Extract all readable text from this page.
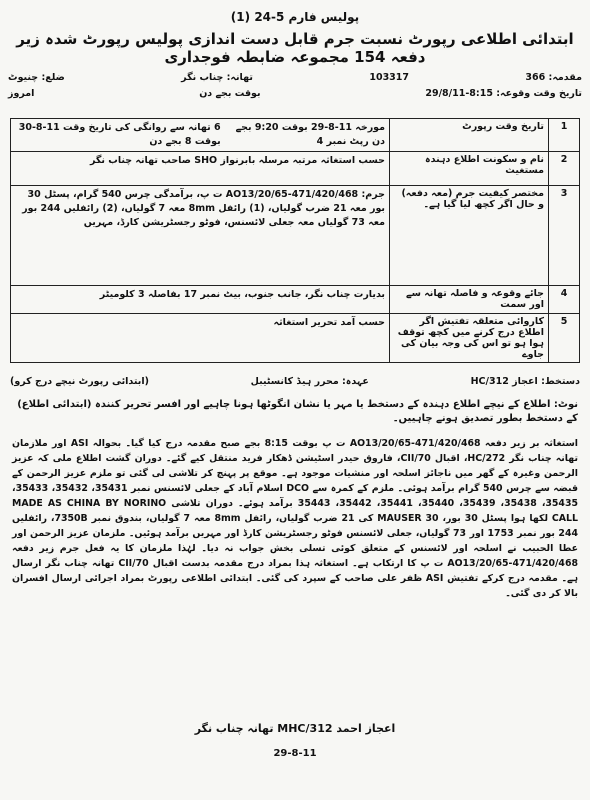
پولیس فارم 5-24 (1)
ابتدائی اطلاعی رپورٹ نسبت جرم قابل دست اندازی پولیس رپورٹ شدہ زیر دفعہ 154 مجموعہ ضابطہ فوجداری
مقدمہ: 366
103317
تھانہ: چناب نگر
ضلع: چنیوٹ
تاریخ وقت وقوعہ: 8:15-29/8/11
بوقت بجے دن
امروز
1	تاریخ وقت رپورٹ	مورخہ 11-8-29 بوقت 9:20 بجے دن رپٹ نمبر 4
6 تھانہ سے روانگی کی تاریخ وقت 11-8-30 بوقت 8 بجے دن

2	نام و سکونت اطلاع دہندہ مستغیث	حسب استغاثہ مرتبہ مرسلہ بابرنواز SHO صاحب تھانہ چناب نگر
3	مختصر کیفیت جرم (معہ دفعہ) و حال اگر کچھ لیا گیا ہے۔	جرم: 471/420/468-AO13/20/65 ت پ، برآمدگی چرس 540 گرام، پسٹل 30 بور معہ 21 ضرب گولیاں، (1) رائفل 8mm معہ 7 گولیاں، (2) رائفلیں 244 بور معہ 73 گولیاں معہ جعلی لائسنس، فوٹو رجسٹریشن کارڈ، مہریں
4	جائے وقوعہ و فاصلہ تھانہ سے اور سمت	بدیارت چناب نگر، جانب جنوب، بیٹ نمبر 17 بفاصلہ 3 کلومیٹر
5	کاروائی متعلقہ تفتیش اگر اطلاع درج کرنے میں کچھ توقف ہوا ہو تو اس کی وجہ بیان کی جاوے	حسب آمد تحریر استغاثہ
دستخط: اعجاز HC/312
عہدہ: محرر ہیڈ کانسٹیبل
(ابتدائی رپورٹ نیچے درج کرو)
نوٹ: اطلاع کے نیچے اطلاع دہندہ کے دستخط یا مہر یا نشان انگوٹھا ہونا چاہیے اور افسر تحریر کنندہ (ابتدائی اطلاع) کے دستخط بطور تصدیق ہونے چاہییں۔
استغاثہ بر زیر دفعہ 471/420/468-AO13/20/65 ت پ بوقت 8:15 بجے صبح مقدمہ درج کیا گیا۔ بحوالہ ASI اور ملازمان تھانہ چناب نگر 272/HC، اقبال 70/CII، فاروق حیدر اسٹیشن ڈھکار فرید منتقل کیے گئے۔ دوران گشت اطلاع ملی کہ عزیز الرحمن وغیرہ کے گھر میں ناجائز اسلحہ اور منشیات موجود ہے۔ موقع پر پہنچ کر تلاشی لی گئی تو ملزم عزیز الرحمن کے قبضہ سے چرس 540 گرام برآمد ہوئی۔ ملزم کے کمرہ سے DCO اسلام آباد کے جعلی لائسنس نمبر 35431، 35432، 35433، 35435، 35438، 35439، 35440، 35441، 35442، 35443 برآمد ہوئے۔ دوران تلاشی MADE AS CHINA BY NORINO CALL لکھا ہوا پسٹل 30 بور، 30 MAUSER کی 21 ضرب گولیاں، رائفل 8mm معہ 7 گولیاں، بندوق نمبر 7350B، رائفلیں 244 بور نمبر 1753 اور 73 گولیاں، جعلی لائسنس فوٹو رجسٹریشن کارڈ اور مہریں برآمد ہوئیں۔ ملزمان عزیز الرحمن اور عطا الحبیب نے اسلحہ اور لائسنس کے متعلق کوئی تسلی بخش جواب نہ دیا۔ لہٰذا ملزمان کا یہ فعل جرم زیر دفعہ 471/420/468-AO13/20/65 ت پ کا ارتکاب ہے۔ استغاثہ ہذا بمراد درج مقدمہ بدست اقبال 70/CII تھانہ چناب نگر ارسال ہے۔ مقدمہ درج کرکے تفتیش ASI ظفر علی صاحب کے سپرد کی گئی۔ ابتدائی اطلاعی رپورٹ بمراد اجرائی ارسال افسران بالا کر دی گئی۔
اعجاز احمد 312/MHC تھانہ چناب نگر
29-8-11
